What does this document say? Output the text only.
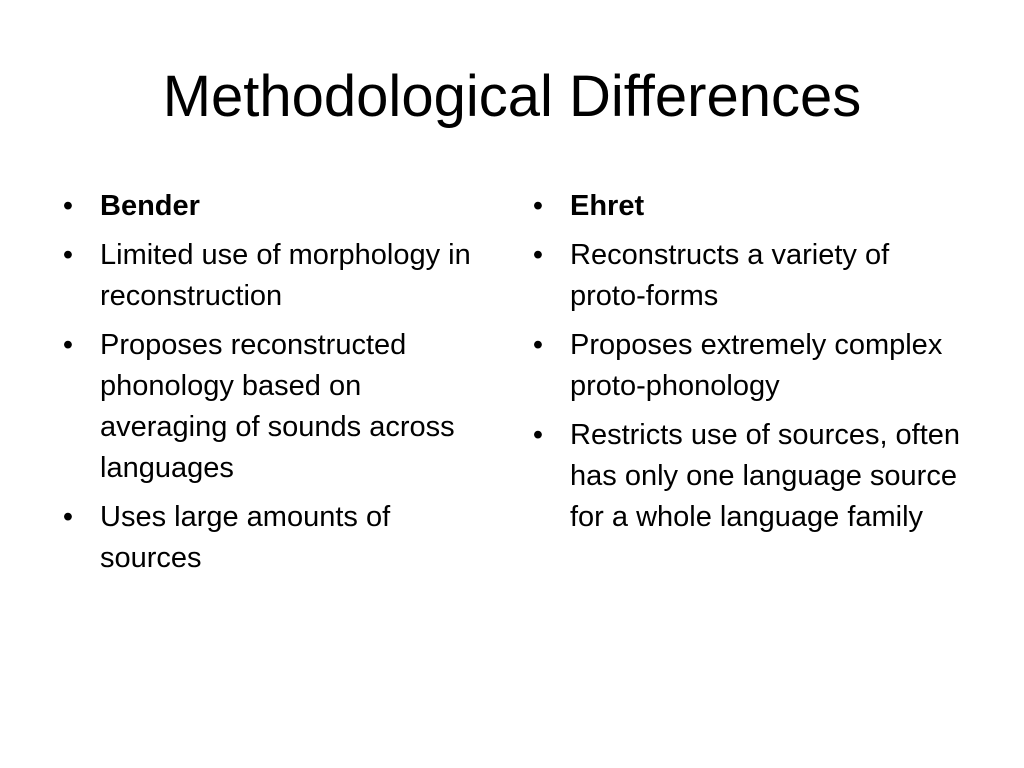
Methodological Differences
• Bender
• Limited use of morphology in reconstruction
• Proposes reconstructed phonology based on averaging of sounds across languages
• Uses large amounts of sources
• Ehret
• Reconstructs a variety of proto-forms
• Proposes extremely complex proto-phonology
• Restricts use of sources, often has only one language source for a whole language family
